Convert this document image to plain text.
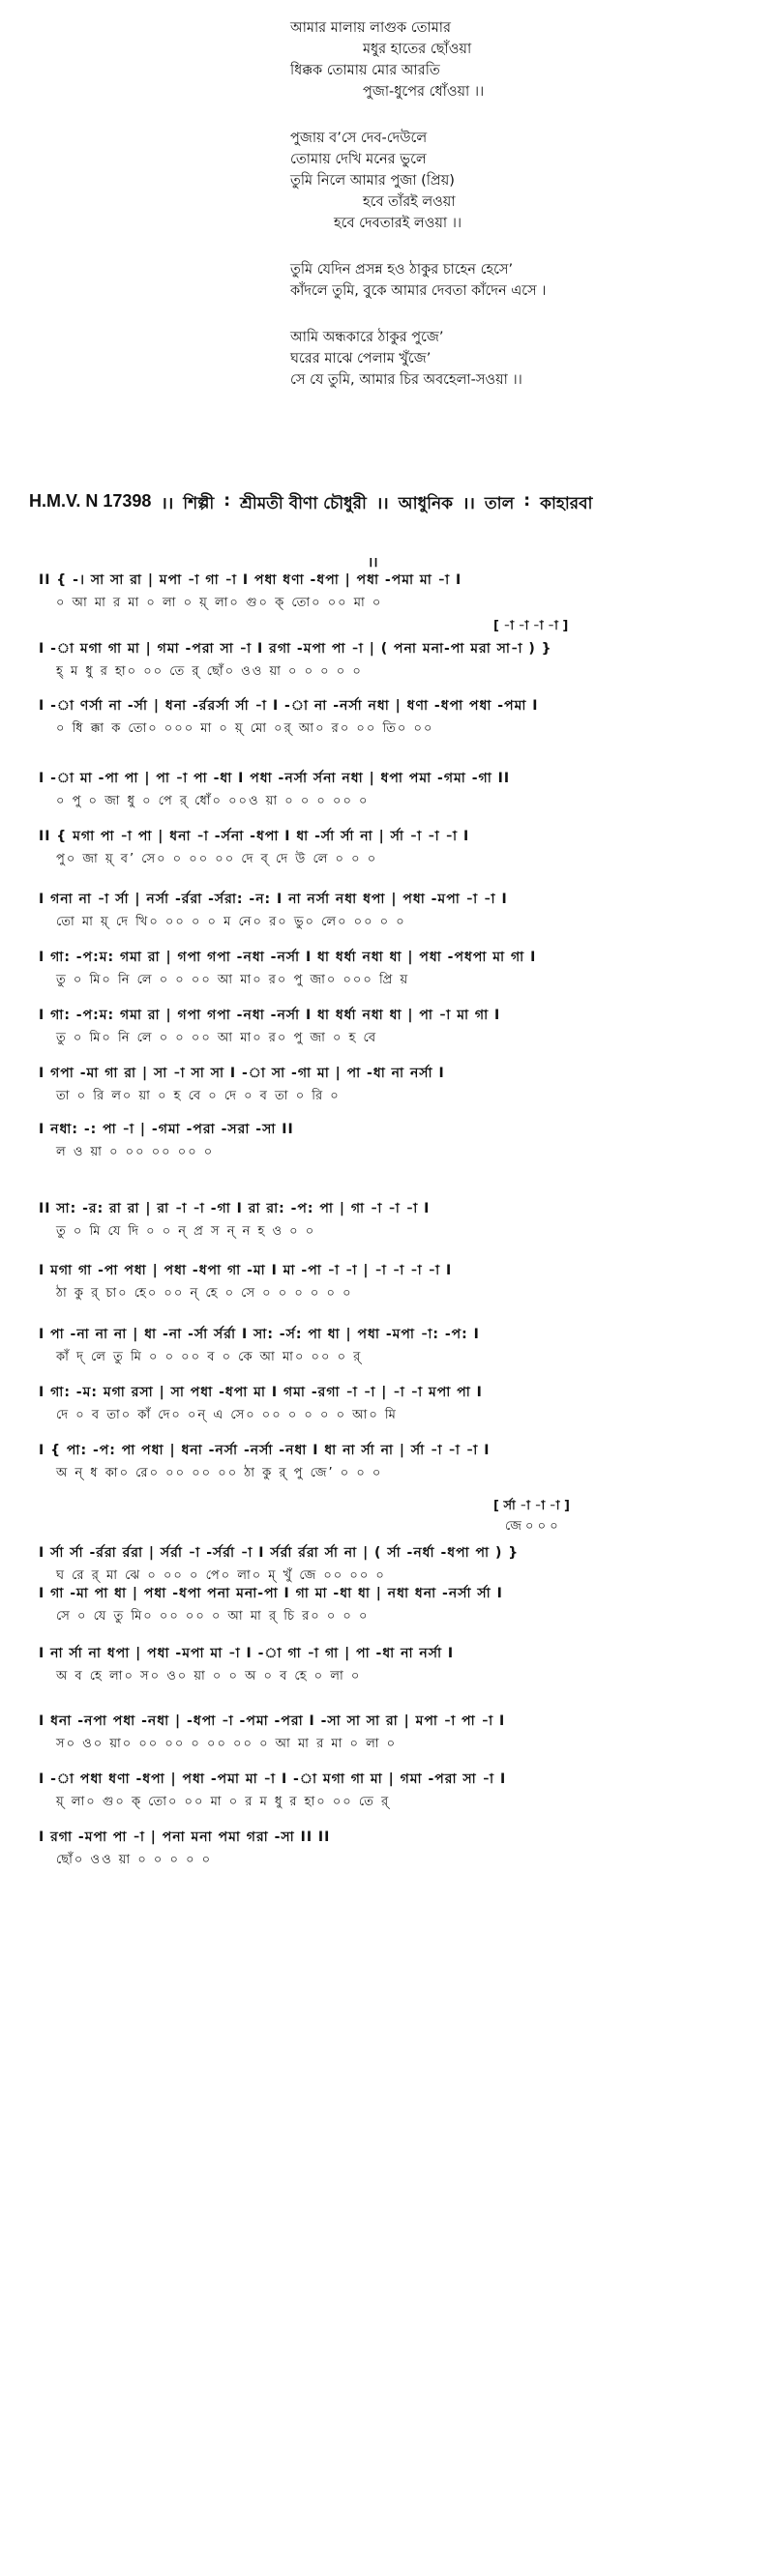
আমার মালায় লাগুক তোমার
মধুর হাতের ছোঁওয়া
ধিক্কক তোমায় মোর আরতি
পুজা-ধুপের ধোঁওয়া ।।
পুজায় ব’সে দেব-দেউলে
তোমায় দেখি মনের ভুলে
তুমি নিলে আমার পুজা (প্রিয়)
হবে তাঁরই লওয়া
হবে দেবতারই লওয়া ।।
তুমি যেদিন প্রসন্ন হও ঠাকুর চাহেন হেসে’
কাঁদলে তুমি, বুকে আমার দেবতা কাঁদেন এসে ।
আমি অন্ধকারে ঠাকুর পুজে’
ঘরের মাঝে পেলাম খুঁজে’
সে যে তুমি, আমার চির অবহেলা-সওয়া ।।
H.M.V. N 17398 ।। শিল্পী : শ্রীমতী বীণা চৌধুরী ।। আধুনিক ।। তাল : কাহারবা
।।
II { -। সা সা রা | মপা -া গা -া I পধা ধণা -ধপা | পধা -পমা মা -া I
০ আ মা র মা ০ লা ০ য়্ লা০ গু০ ক্ তো০ ০০ মা ০
[ -া -া -া -া ]
I -া মগা গা মা | গমা -পরা সা -া I রগা -মপা পা -া | ( পনা মনা-পা মরা সা-া ) }
হ্ ম ধু র হা০ ০০ তে র্ ছোঁ০ ওও য়া ০ ০ ০ ০ ০
I -া ণর্সা না -র্সা | ধনা -র্ররর্সা র্সা -া I -া না -নর্সা নধা | ধণা -ধপা পধা -পমা I
০ ধি ক্কা ক তো০ ০০০ মা ০ য়্ মো ০র্ আ০ র০ ০০ তি০ ০০
I -া মা -পা পা | পা -া পা -ধা I পধা -নর্সা র্সনা নধা | ধপা পমা -গমা -গা II
০ পু ০ জা ধু ০ পে র্ ধোঁ০ ০০ও য়া ০ ০ ০ ০০ ০
II { মগা পা -া পা | ধনা -া -র্সনা -ধপা I ধা -র্সা র্সা না | র্সা -া -া -া I
পু০ জা য়্ ব’ সে০ ০ ০০ ০০ দে ব্ দে উ লে ০ ০ ০
I গনা না -া র্সা | নর্সা -র্ররা -র্সরা: -ন: I না নর্সা নধা ধপা | পধা -মপা -া -া I
তো মা য়্ দে খি০ ০০ ০ ০ ম নে০ র০ ভু০ লে০ ০০ ০ ০
I গা: -প:ম: গমা রা | গপা গপা -নধা -নর্সা I ধা ধর্ধা নধা ধা | পধা -পধপা মা গা I
তু ০ মি০ নি লে ০ ০ ০০ আ মা০ র০ পু জা০ ০০০ প্রি য়
I গা: -প:ম: গমা রা | গপা গপা -নধা -নর্সা I ধা ধর্ধা নধা ধা | পা -া মা গা I
তু ০ মি০ নি লে ০ ০ ০০ আ মা০ র০ পু জা ০ হ বে
I গপা -মা গা রা | সা -া সা সা I -া সা -গা মা | পা -ধা না নর্সা I
তা ০ রি ল০ য়া ০ হ বে ০ দে ০ ব তা ০ রি ০
I নধা: -: পা -া | -গমা -পরা -সরা -সা II
ল ও য়া ০ ০০ ০০ ০০ ০
II সা: -র: রা রা | রা -া -া -গা I রা রা: -প: পা | গা -া -া -া I
তু ০ মি যে দি ০ ০ ন্ প্র স ন্ ন হ ও ০ ০
I মগা গা -পা পধা | পধা -ধপা গা -মা I মা -পা -া -া | -া -া -া -া I
ঠা কু র্ চা০ হে০ ০০ ন্ হে ০ সে ০ ০ ০ ০ ০ ০
I পা -না না না | ধা -না -র্সা র্সর্রা I সা: -র্স: পা ধা | পধা -মপা -া: -প: I
কাঁ দ্ লে তু মি ০ ০ ০০ ব ০ কে আ মা০ ০০ ০ র্
I গা: -ম: মগা রসা | সা পধা -ধপা মা I গমা -রগা -া -া | -া -া মপা পা I
দে ০ ব তা০ কাঁ দে০ ০ন্ এ সে০ ০০ ০ ০ ০ ০ আ০ মি
I { পা: -প: পা পধা | ধনা -নর্সা -নর্সা -নধা I ধা না র্সা না | র্সা -া -া -া I
অ ন্ ধ কা০ রে০ ০০ ০০ ০০ ঠা কু র্ পু জে’ ০ ০ ০
[ র্সা -া -া -া ]
জে ০ ০ ০
I র্সা র্সা -র্ররা র্ররা | র্সর্রা -া -র্সর্রা -া I র্সর্রা র্ররা র্সা না | ( র্সা -নর্ধা -ধপা পা ) }
ঘ রে র্ মা ঝে ০ ০০ ০ পে০ লা০ ম্ খুঁ জে ০০ ০০ ০
I গা -মা পা ধা | পধা -ধপা পনা মনা-পা I গা মা -ধা ধা | নধা ধনা -নর্সা র্সা I
সে ০ যে তু মি০ ০০ ০০ ০ আ মা র্ চি র০ ০ ০ ০
I না র্সা না ধপা | পধা -মপা মা -া I -া গা -া গা | পা -ধা না নর্সা I
অ ব হে লা০ স০ ও০ য়া ০ ০ অ ০ ব হে ০ লা ০
I ধনা -নপা পধা -নধা | -ধপা -া -পমা -পরা I -সা সা সা রা | মপা -া পা -া I
স০ ও০ য়া০ ০০ ০০ ০ ০০ ০০ ০ আ মা র মা ০ লা ০
I -া পধা ধণা -ধপা | পধা -পমা মা -া I -া মগা গা মা | গমা -পরা সা -া I
য়্ লা০ গু০ ক্ তো০ ০০ মা ০ র ম ধু র হা০ ০০ তে র্
I রগা -মপা পা -া | পনা মনা পমা গরা -সা II II
ছোঁ০ ওও য়া ০ ০ ০ ০ ০
